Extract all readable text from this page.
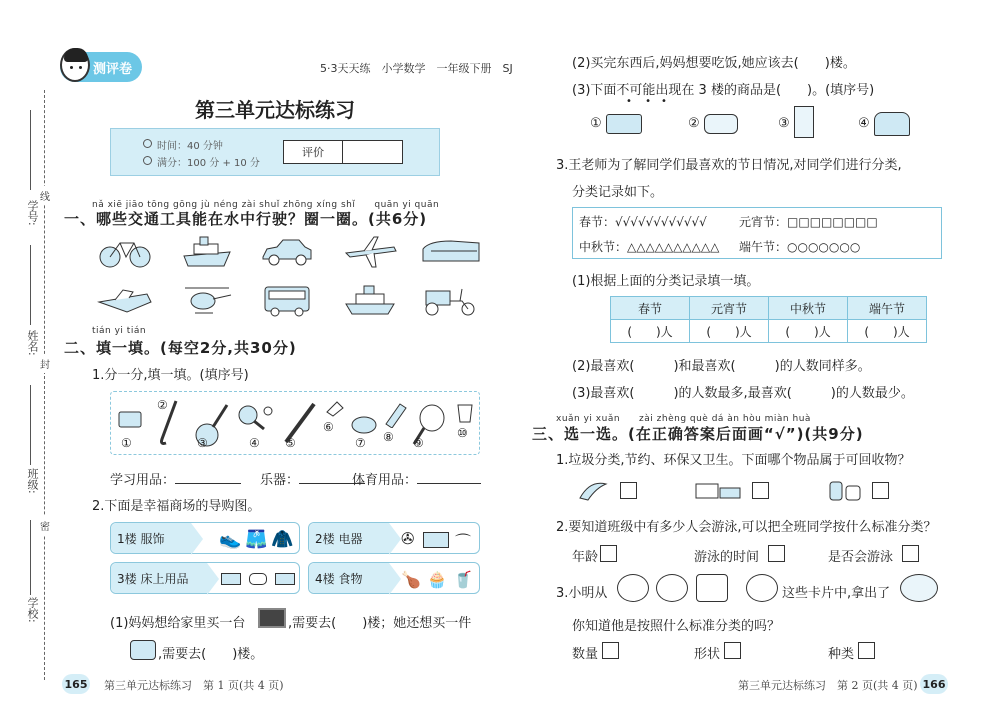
学号:
姓名:
班级:
学校:
线
封
密
测评卷	5·3天天练　小学数学　一年级下册　SJ
第三单元达标练习
时间：40 分钟
满分：100 分 + 10 分
评价
nǎ xiē jiāo tōng gōng jù néng zài shuǐ zhōng xíng shǐ　　quān yi quān
一、哪些交通工具能在水中行驶？圈一圈。(共6分)
tián yi tián
二、填一填。(每空2分,共30分)
1.分一分,填一填。(填序号)
①
②
③	④ ⑤
⑥
⑦ ⑧ ⑨
⑩
学习用品：	乐器：	体育用品：
2.下面是幸福商场的导购图。
1楼 服饰	👟 🩳 🧥	2楼 电器	✇	⌒
3楼 床上用品	4楼 食物	🍗 🧁 🥤
(1)妈妈想给家里买一台	,需要去(　　)楼；她还想买一件
,需要去(　　)楼。
165 第三单元达标练习　第 1 页(共 4 页)
(2)买完东西后,妈妈想要吃饭,她应该去(　　)楼。
(3)下面不可能出现在 3 楼的商品是(　　)。(填序号)
•　 •　•
①	②	③	④
3.王老师为了解同学们最喜欢的节日情况,对同学们进行分类,
分类记录如下。
春节：√√√√√√√√√√√√	元宵节：□□□□□□□□
中秋节：△△△△△△△△△△ 端午节：○○○○○○○
(1)根据上面的分类记录填一填。
春节	元宵节	中秋节	端午节
(　　)人	(　　)人	(　　)人	(　　)人
(2)最喜欢(　　　)和最喜欢(　　　)的人数同样多。
(3)最喜欢(　　　)的人数最多,最喜欢(　　　)的人数最少。
xuǎn yi xuǎn　　zài zhèng què dá àn hòu miàn huà
三、选一选。(在正确答案后面画“√”)(共9分)
1.垃圾分类,节约、环保又卫生。下面哪个物品属于可回收物？
2.要知道班级中有多少人会游泳,可以把全班同学按什么标准分类？
年龄	游泳的时间	是否会游泳
3.小明从	这些卡片中,拿出了
你知道他是按照什么标准分类的吗？
数量	形状	种类
第三单元达标练习　第 2 页(共 4 页) 166
